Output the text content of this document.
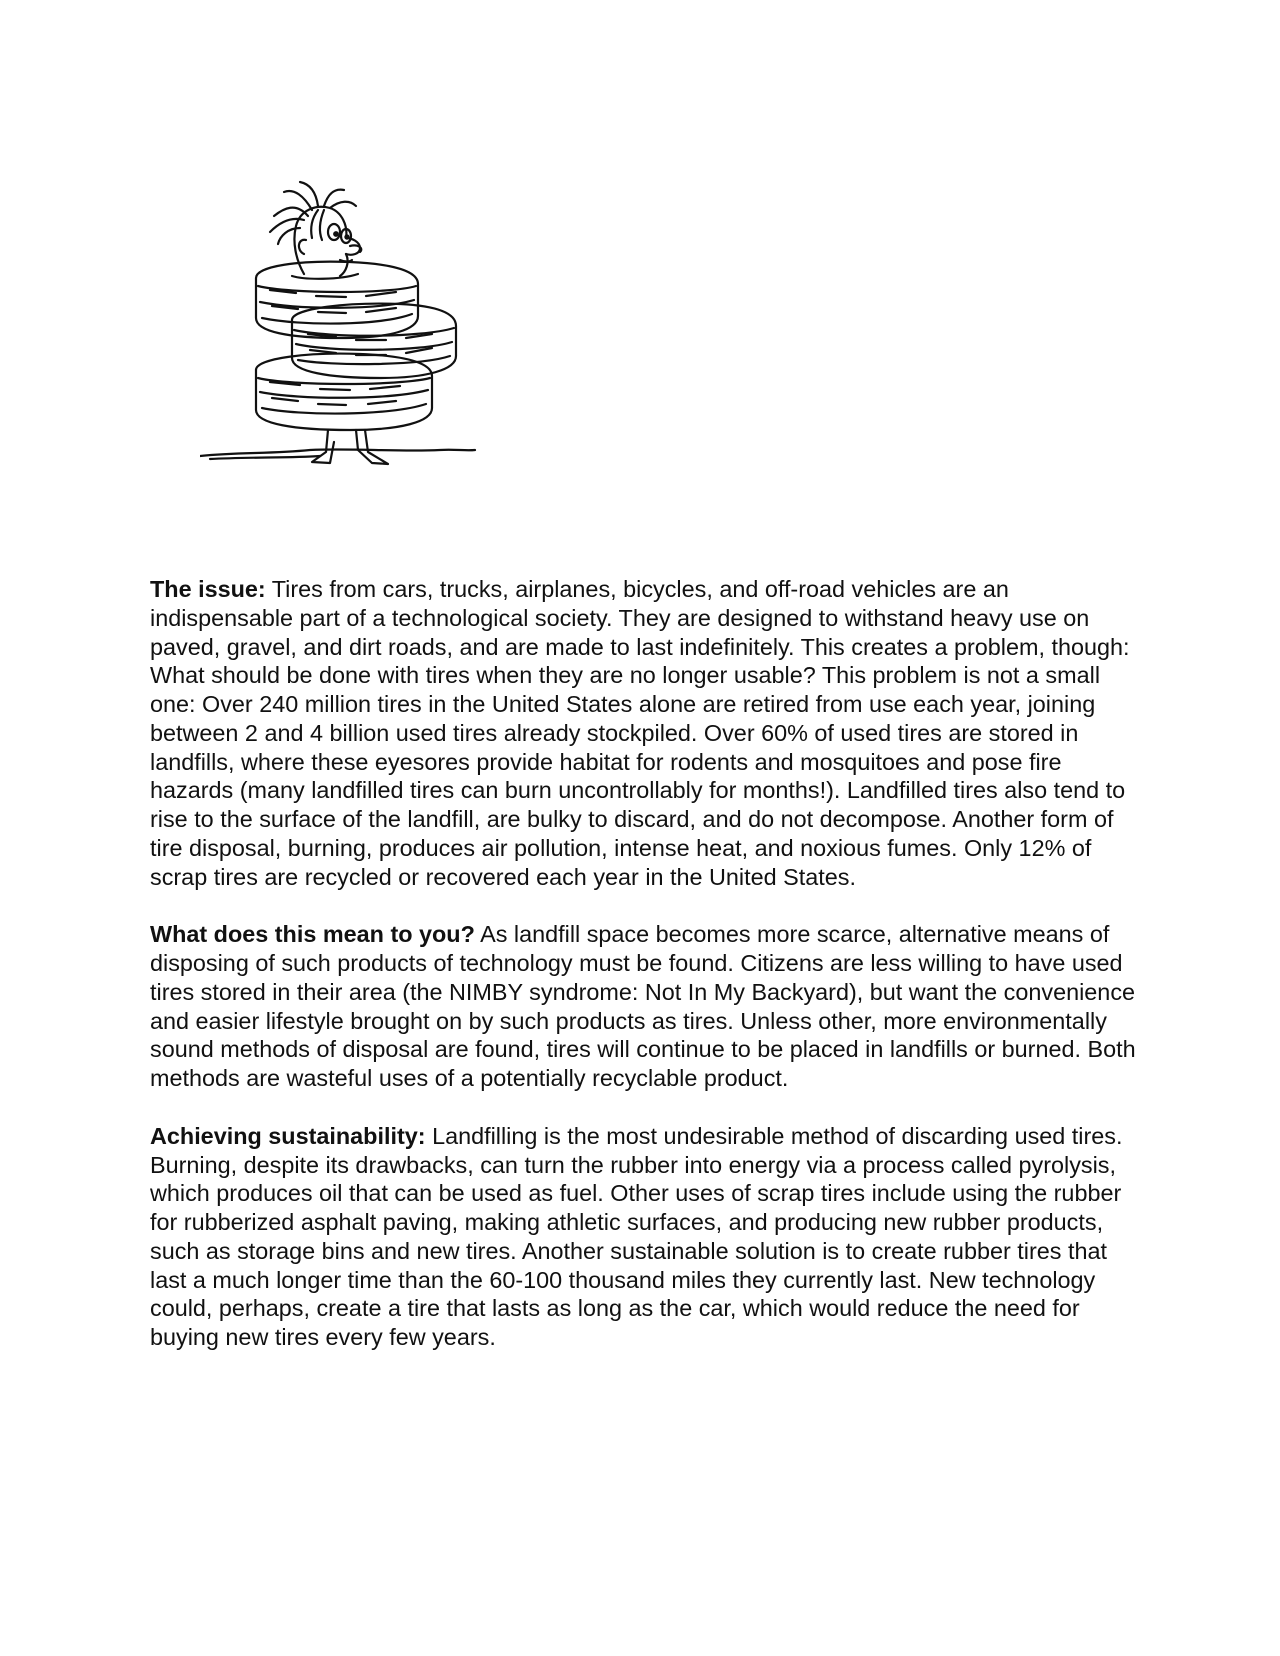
The issue: Tires from cars, trucks, airplanes, bicycles, and off-road vehicles are an indispensable part of a technological society. They are designed to withstand heavy use on paved, gravel, and dirt roads, and are made to last indefinitely. This creates a problem, though: What should be done with tires when they are no longer usable? This problem is not a small one: Over 240 million tires in the United States alone are retired from use each year, joining between 2 and 4 billion used tires already stockpiled. Over 60% of used tires are stored in landfills, where these eyesores provide habitat for rodents and mosquitoes and pose fire hazards (many landfilled tires can burn uncontrollably for months!). Landfilled tires also tend to rise to the surface of the landfill, are bulky to discard, and do not decompose. Another form of tire disposal, burning, produces air pollution, intense heat, and noxious fumes. Only 12% of scrap tires are recycled or recovered each year in the United States.

What does this mean to you? As landfill space becomes more scarce, alternative means of disposing of such products of technology must be found. Citizens are less willing to have used tires stored in their area (the NIMBY syndrome: Not In My Backyard), but want the convenience and easier lifestyle brought on by such products as tires. Unless other, more environmentally sound methods of disposal are found, tires will continue to be placed in landfills or burned. Both methods are wasteful uses of a potentially recyclable product.

Achieving sustainability: Landfilling is the most undesirable method of discarding used tires. Burning, despite its drawbacks, can turn the rubber into energy via a process called pyrolysis, which produces oil that can be used as fuel. Other uses of scrap tires include using the rubber for rubberized asphalt paving, making athletic surfaces, and producing new rubber products, such as storage bins and new tires. Another sustainable solution is to create rubber tires that last a much longer time than the 60-100 thousand miles they currently last. New technology could, perhaps, create a tire that lasts as long as the car, which would reduce the need for buying new tires every few years.
